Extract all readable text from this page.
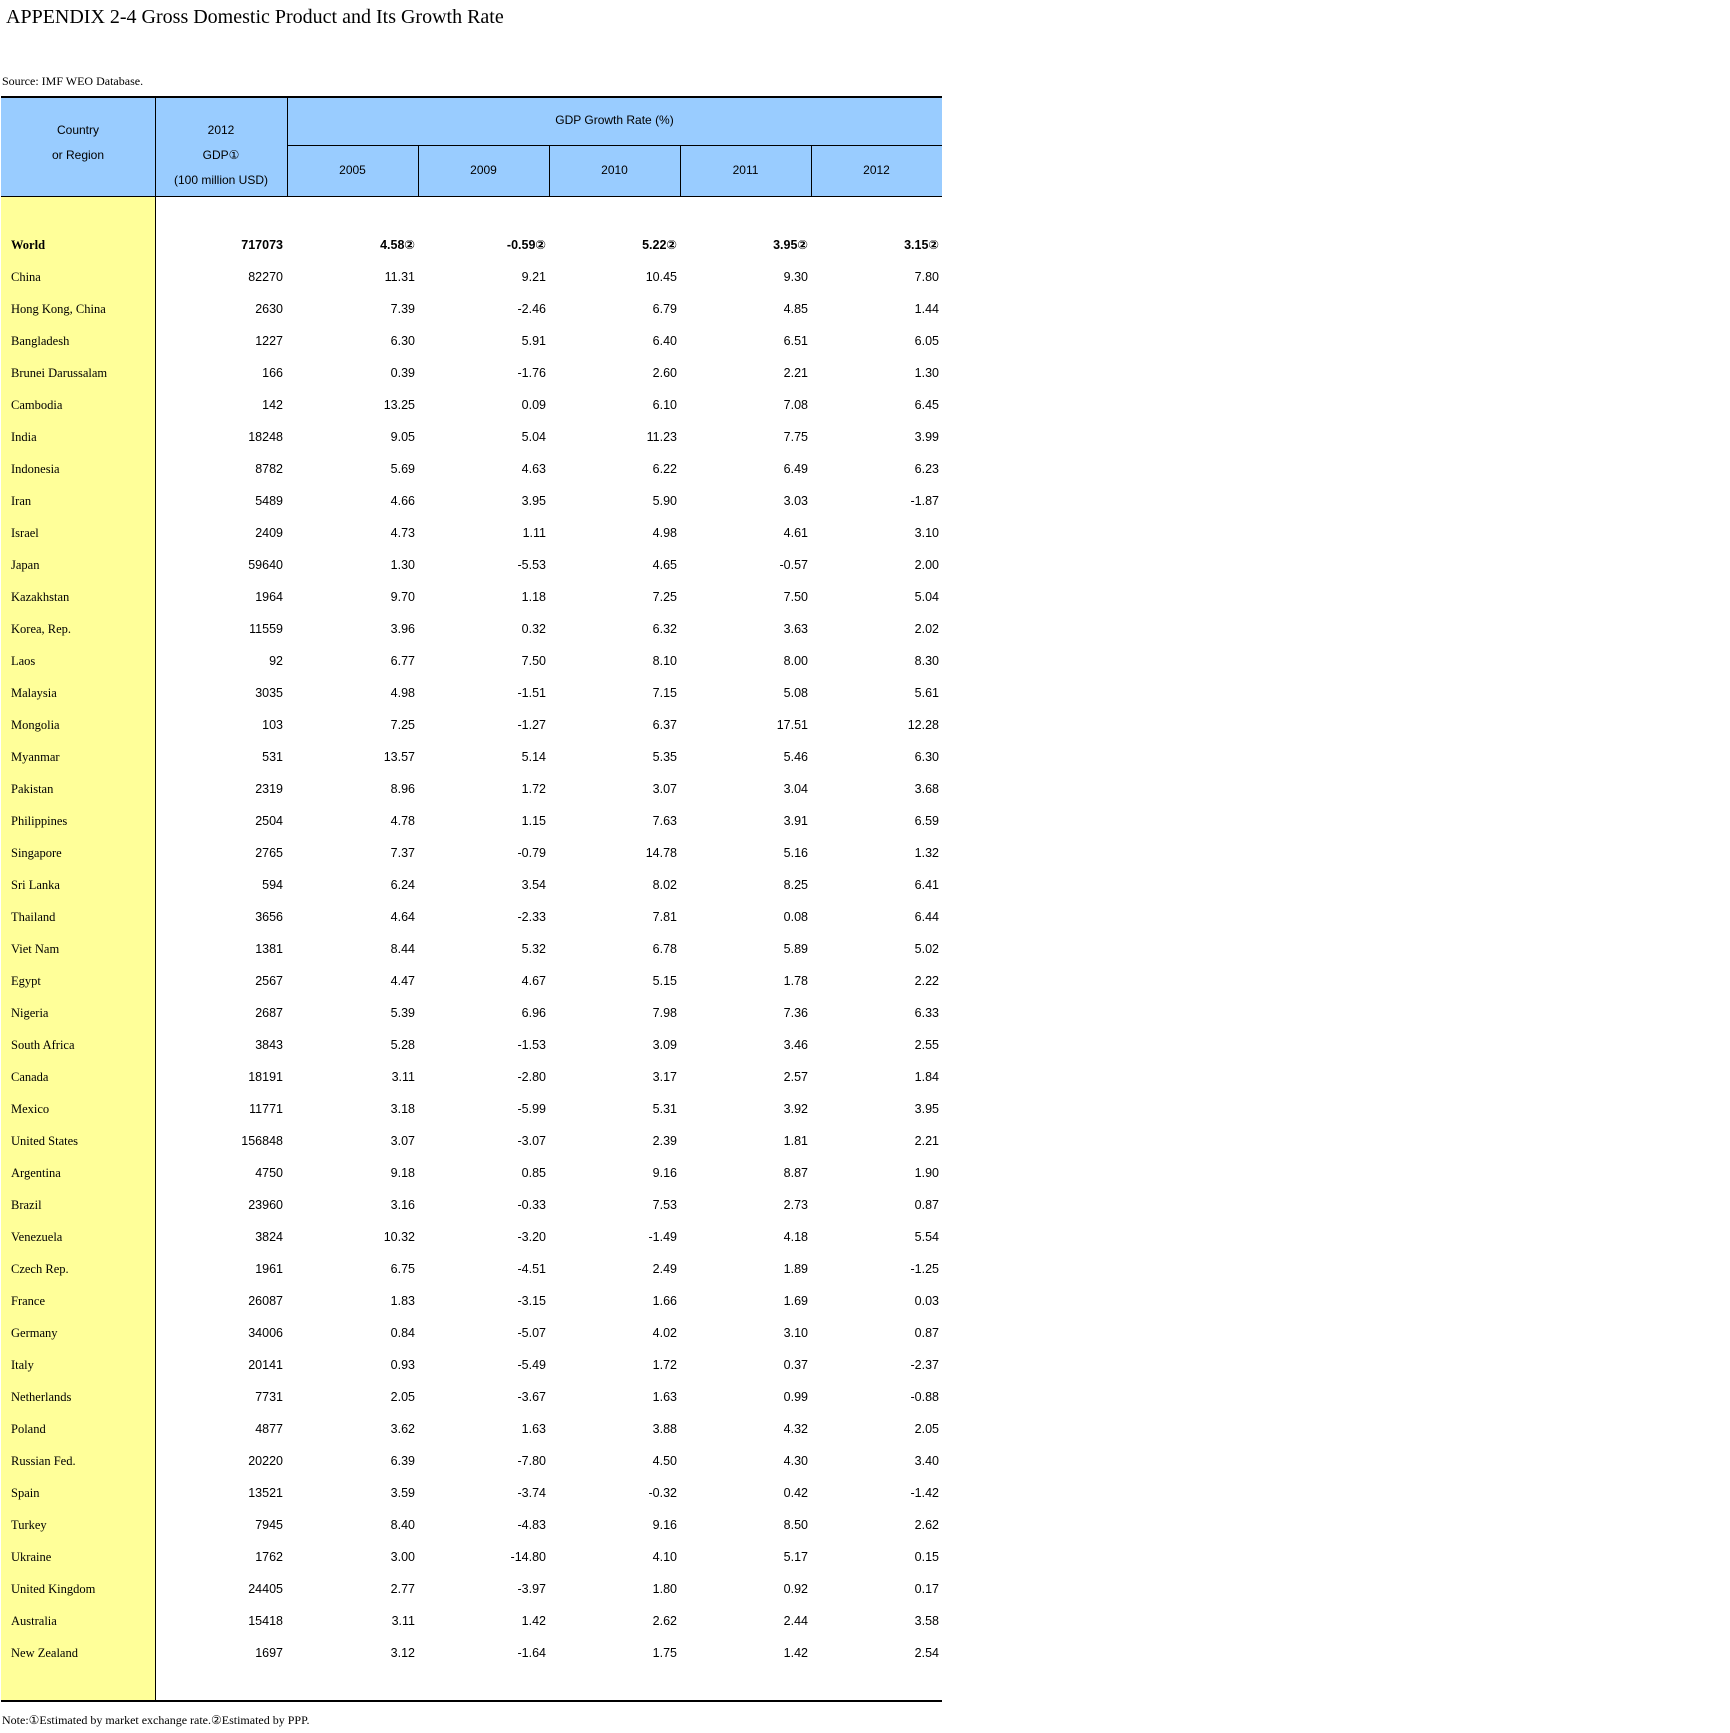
APPENDIX 2-4 Gross Domestic Product and Its Growth Rate
Source: IMF WEO Database.
Country
or Region
2012
GDP①
(100 million USD)
GDP Growth Rate (%)
2005	2009	2010	2011	2012
World	717073	4.58②	-0.59②	5.22②	3.95②	3.15②
China	82270	11.31	9.21	10.45	9.30	7.80
Hong Kong, China	2630	7.39	-2.46	6.79	4.85	1.44
Bangladesh	1227	6.30	5.91	6.40	6.51	6.05
Brunei Darussalam	166	0.39	-1.76	2.60	2.21	1.30
Cambodia	142	13.25	0.09	6.10	7.08	6.45
India	18248	9.05	5.04	11.23	7.75	3.99
Indonesia	8782	5.69	4.63	6.22	6.49	6.23
Iran	5489	4.66	3.95	5.90	3.03	-1.87
Israel	2409	4.73	1.11	4.98	4.61	3.10
Japan	59640	1.30	-5.53	4.65	-0.57	2.00
Kazakhstan	1964	9.70	1.18	7.25	7.50	5.04
Korea, Rep.	11559	3.96	0.32	6.32	3.63	2.02
Laos	92	6.77	7.50	8.10	8.00	8.30
Malaysia	3035	4.98	-1.51	7.15	5.08	5.61
Mongolia	103	7.25	-1.27	6.37	17.51	12.28
Myanmar	531	13.57	5.14	5.35	5.46	6.30
Pakistan	2319	8.96	1.72	3.07	3.04	3.68
Philippines	2504	4.78	1.15	7.63	3.91	6.59
Singapore	2765	7.37	-0.79	14.78	5.16	1.32
Sri Lanka	594	6.24	3.54	8.02	8.25	6.41
Thailand	3656	4.64	-2.33	7.81	0.08	6.44
Viet Nam	1381	8.44	5.32	6.78	5.89	5.02
Egypt	2567	4.47	4.67	5.15	1.78	2.22
Nigeria	2687	5.39	6.96	7.98	7.36	6.33
South Africa	3843	5.28	-1.53	3.09	3.46	2.55
Canada	18191	3.11	-2.80	3.17	2.57	1.84
Mexico	11771	3.18	-5.99	5.31	3.92	3.95
United States	156848	3.07	-3.07	2.39	1.81	2.21
Argentina	4750	9.18	0.85	9.16	8.87	1.90
Brazil	23960	3.16	-0.33	7.53	2.73	0.87
Venezuela	3824	10.32	-3.20	-1.49	4.18	5.54
Czech Rep.	1961	6.75	-4.51	2.49	1.89	-1.25
France	26087	1.83	-3.15	1.66	1.69	0.03
Germany	34006	0.84	-5.07	4.02	3.10	0.87
Italy	20141	0.93	-5.49	1.72	0.37	-2.37
Netherlands	7731	2.05	-3.67	1.63	0.99	-0.88
Poland	4877	3.62	1.63	3.88	4.32	2.05
Russian Fed.	20220	6.39	-7.80	4.50	4.30	3.40
Spain	13521	3.59	-3.74	-0.32	0.42	-1.42
Turkey	7945	8.40	-4.83	9.16	8.50	2.62
Ukraine	1762	3.00	-14.80	4.10	5.17	0.15
United Kingdom	24405	2.77	-3.97	1.80	0.92	0.17
Australia	15418	3.11	1.42	2.62	2.44	3.58
New Zealand	1697	3.12	-1.64	1.75	1.42	2.54
Note:①Estimated by market exchange rate.②Estimated by PPP.
